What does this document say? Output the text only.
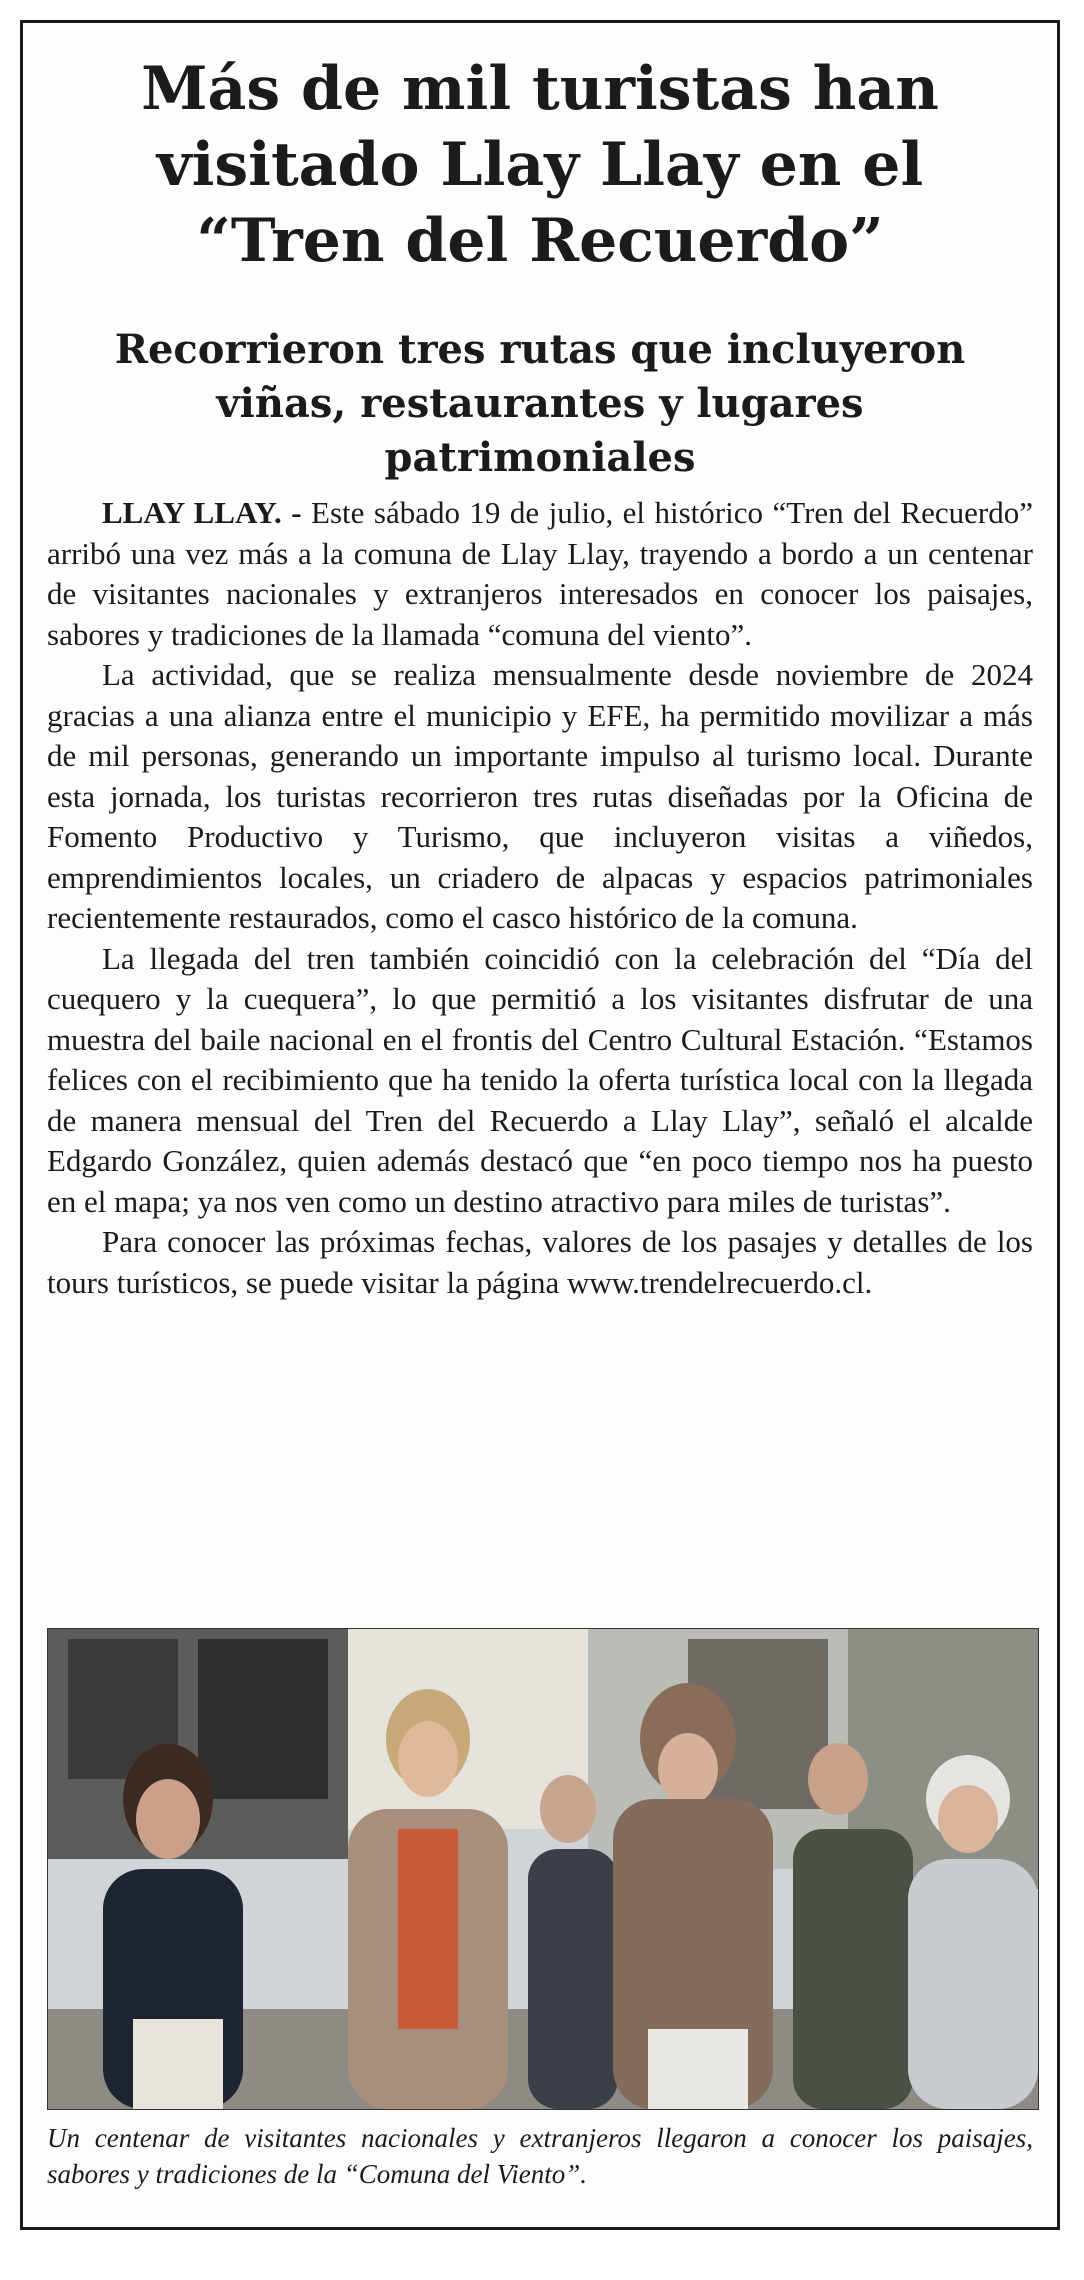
Más de mil turistas han visitado Llay Llay en el “Tren del Recuerdo”
Recorrieron tres rutas que incluyeron viñas, restaurantes y lugares patrimoniales

LLAY LLAY. - Este sábado 19 de julio, el histórico “Tren del Recuerdo” arribó una vez más a la comuna de Llay Llay, trayendo a bordo a un centenar de visitantes nacionales y extranjeros interesados en conocer los paisajes, sabores y tradiciones de la llamada “comuna del viento”.

La actividad, que se realiza mensualmente desde noviembre de 2024 gracias a una alianza entre el municipio y EFE, ha permitido movilizar a más de mil personas, generando un importante impulso al turismo local. Durante esta jornada, los turistas recorrieron tres rutas diseñadas por la Oficina de Fomento Productivo y Turismo, que incluyeron visitas a viñedos, emprendimientos locales, un criadero de alpacas y espacios patrimoniales recientemente restaurados, como el casco histórico de la comuna.

La llegada del tren también coincidió con la celebración del “Día del cuequero y la cuequera”, lo que permitió a los visitantes disfrutar de una muestra del baile nacional en el frontis del Centro Cultural Estación. “Estamos felices con el recibimiento que ha tenido la oferta turística local con la llegada de manera mensual del Tren del Recuerdo a Llay Llay”, señaló el alcalde Edgardo González, quien además destacó que “en poco tiempo nos ha puesto en el mapa; ya nos ven como un destino atractivo para miles de turistas”.

Para conocer las próximas fechas, valores de los pasajes y detalles de los tours turísticos, se puede visitar la página www.trendelrecuerdo.cl.

Un centenar de visitantes nacionales y extranjeros llegaron a conocer los paisajes, sabores y tradiciones de la “Comuna del Viento”.
